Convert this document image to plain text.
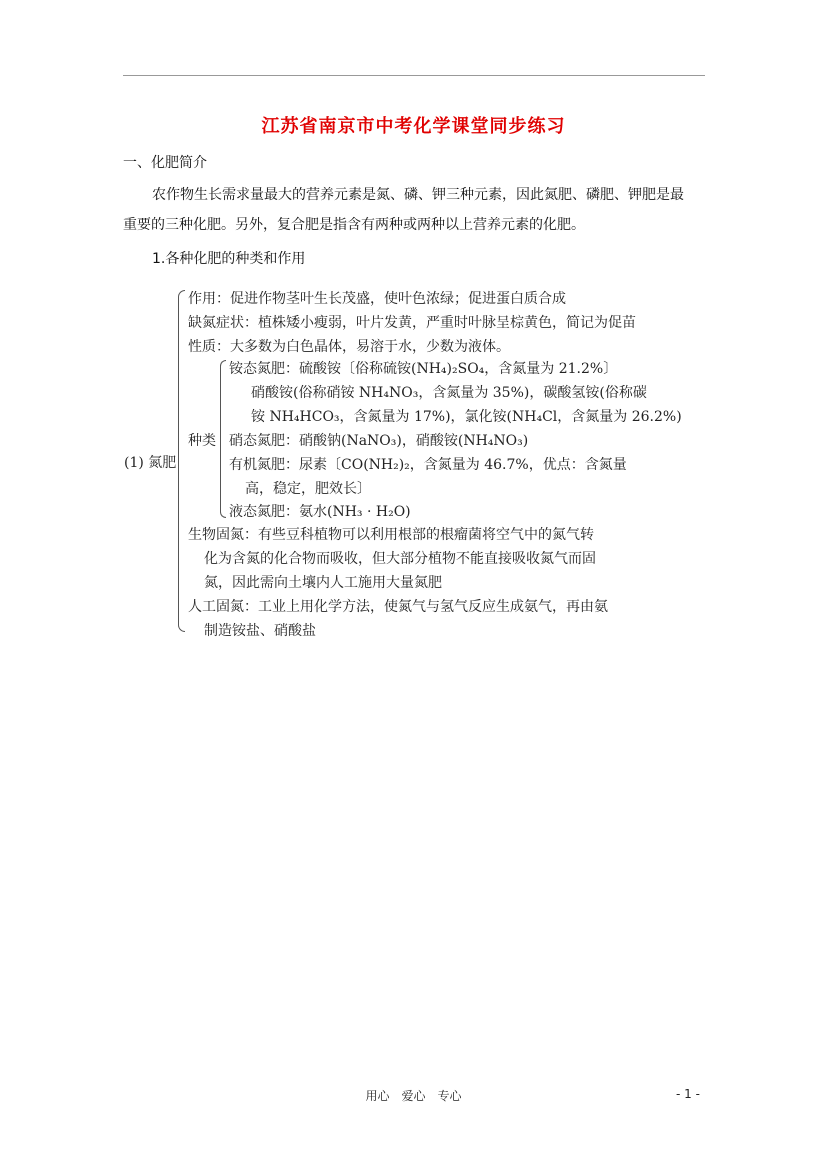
江苏省南京市中考化学课堂同步练习
一、化肥简介
农作物生长需求量最大的营养元素是氮、磷、钾三种元素，因此氮肥、磷肥、钾肥是最
重要的三种化肥。另外，复合肥是指含有两种或两种以上营养元素的化肥。
1.各种化肥的种类和作用
(1) 氮肥
作用：促进作物茎叶生长茂盛，使叶色浓绿；促进蛋白质合成
缺氮症状：植株矮小瘦弱，叶片发黄，严重时叶脉呈棕黄色，简记为促苗
性质：大多数为白色晶体，易溶于水，少数为液体。
种类
铵态氮肥：硫酸铵〔俗称硫铵(NH₄)₂SO₄，含氮量为 21.2%〕
硝酸铵(俗称硝铵 NH₄NO₃，含氮量为 35%)，碳酸氢铵(俗称碳
铵 NH₄HCO₃，含氮量为 17%)，氯化铵(NH₄Cl，含氮量为 26.2%)
硝态氮肥：硝酸钠(NaNO₃)，硝酸铵(NH₄NO₃)
有机氮肥：尿素〔CO(NH₂)₂，含氮量为 46.7%，优点：含氮量
高，稳定，肥效长〕
液态氮肥：氨水(NH₃ · H₂O)
生物固氮：有些豆科植物可以利用根部的根瘤菌将空气中的氮气转
化为含氮的化合物而吸收，但大部分植物不能直接吸收氮气而固
氮，因此需向土壤内人工施用大量氮肥
人工固氮：工业上用化学方法，使氮气与氢气反应生成氨气，再由氨
制造铵盐、硝酸盐
用心　爱心　专心	- 1 -
